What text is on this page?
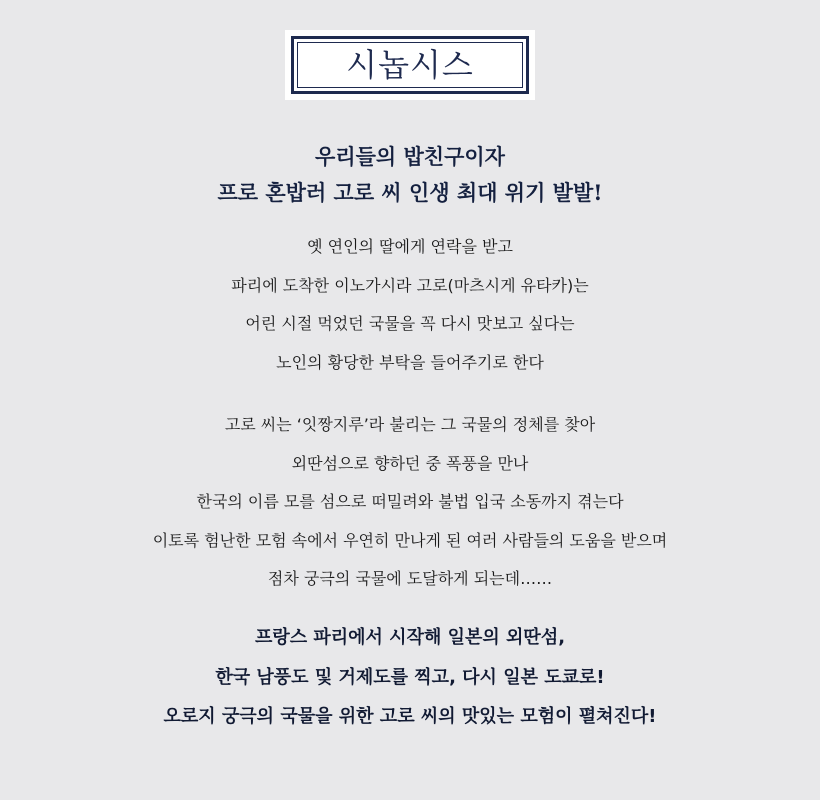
시놉시스
우리들의 밥친구이자
프로 혼밥러 고로 씨 인생 최대 위기 발발!
옛 연인의 딸에게 연락을 받고
파리에 도착한 이노가시라 고로(마츠시게 유타카)는
어린 시절 먹었던 국물을 꼭 다시 맛보고 싶다는
노인의 황당한 부탁을 들어주기로 한다
고로 씨는 ‘잇짱지루’라 불리는 그 국물의 정체를 찾아
외딴섬으로 향하던 중 폭풍을 만나
한국의 이름 모를 섬으로 떠밀려와 불법 입국 소동까지 겪는다
이토록 험난한 모험 속에서 우연히 만나게 된 여러 사람들의 도움을 받으며
점차 궁극의 국물에 도달하게 되는데……
프랑스 파리에서 시작해 일본의 외딴섬,
한국 남풍도 및 거제도를 찍고, 다시 일본 도쿄로!
오로지 궁극의 국물을 위한 고로 씨의 맛있는 모험이 펼쳐진다!
